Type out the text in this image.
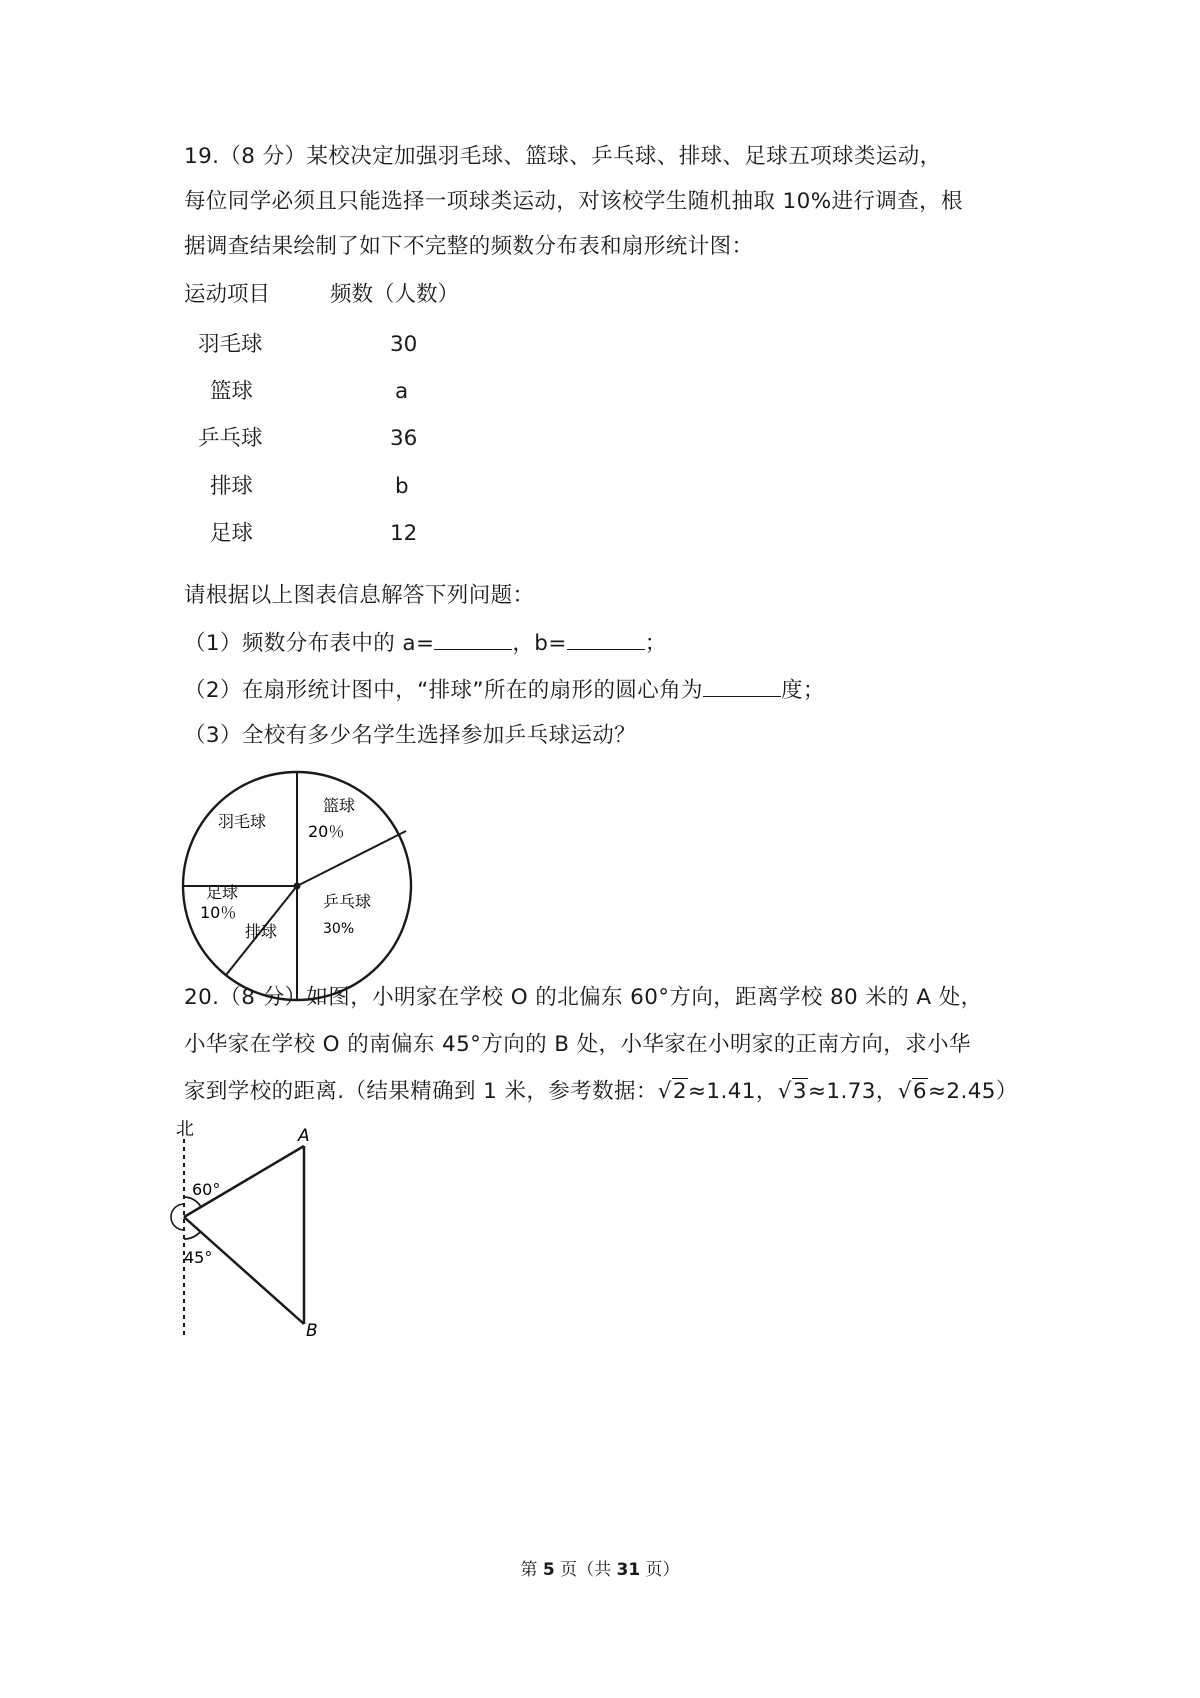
19.（8 分）某校决定加强羽毛球、篮球、乒乓球、排球、足球五项球类运动，
每位同学必须且只能选择一项球类运动，对该校学生随机抽取 10%进行调查，根
据调查结果绘制了如下不完整的频数分布表和扇形统计图：
运动项目	频数（人数）
羽毛球	30
篮球	a
乒乓球	36
排球	b
足球	12
请根据以上图表信息解答下列问题：
（1）频数分布表中的 a=	，b=	；
（2）在扇形统计图中，“排球”所在的扇形的圆心角为	度；
（3）全校有多少名学生选择参加乒乓球运动？
羽毛球
篮球
20％
乒乓球
30%
排球
足球
10％
20.（8 分）如图，小明家在学校 O 的北偏东 60°方向，距离学校 80 米的 A 处，
小华家在学校 O 的南偏东 45°方向的 B 处，小华家在小明家的正南方向，求小华
家到学校的距离.（结果精确到 1 米，参考数据：√2≈1.41，√3≈1.73，√6≈2.45）
北	A
B
60°
45°
第 5 页（共 31 页）
